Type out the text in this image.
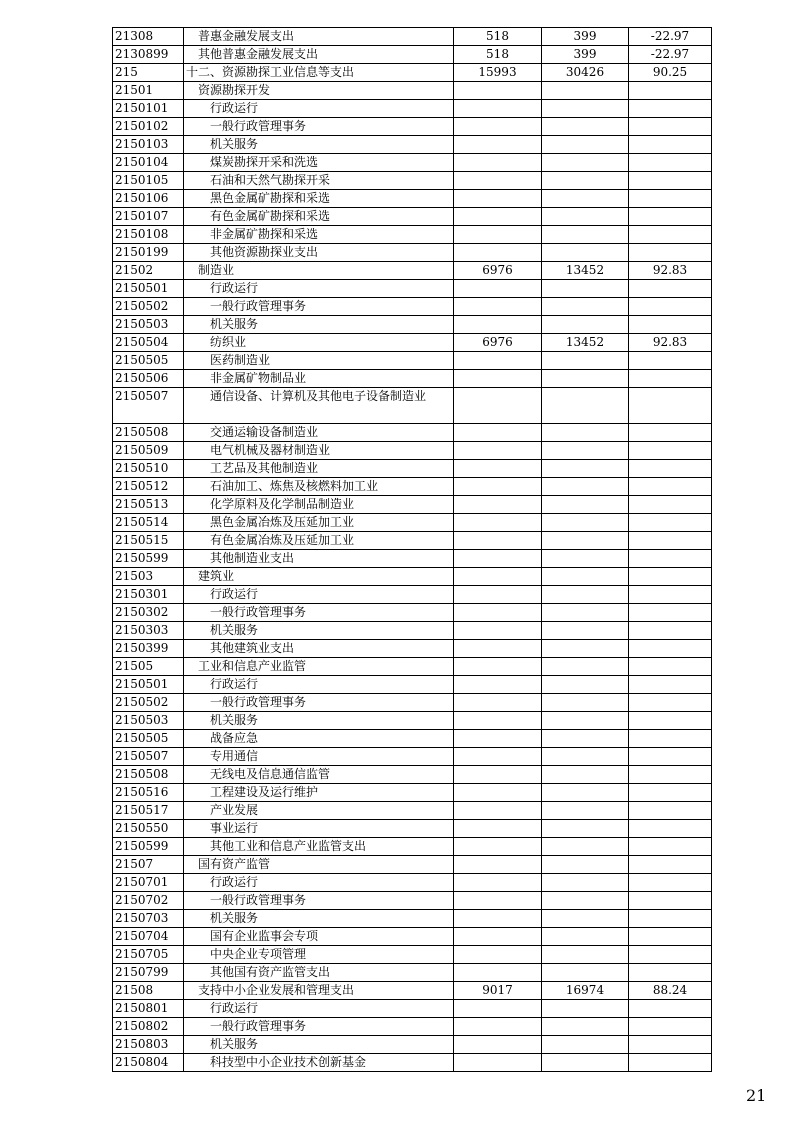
21308	普惠金融发展支出	518	399	-22.97
2130899	其他普惠金融发展支出	518	399	-22.97
215	十二、资源勘探工业信息等支出	15993	30426	90.25
21501	资源勘探开发			
2150101	行政运行			
2150102	一般行政管理事务			
2150103	机关服务			
2150104	煤炭勘探开采和洗选			
2150105	石油和天然气勘探开采			
2150106	黑色金属矿勘探和采选			
2150107	有色金属矿勘探和采选			
2150108	非金属矿勘探和采选			
2150199	其他资源勘探业支出			
21502	制造业	6976	13452	92.83
2150501	行政运行			
2150502	一般行政管理事务			
2150503	机关服务			
2150504	纺织业	6976	13452	92.83
2150505	医药制造业			
2150506	非金属矿物制品业			
2150507	通信设备、计算机及其他电子设备制造业			
2150508	交通运输设备制造业			
2150509	电气机械及器材制造业			
2150510	工艺品及其他制造业			
2150512	石油加工、炼焦及核燃料加工业			
2150513	化学原料及化学制品制造业			
2150514	黑色金属冶炼及压延加工业			
2150515	有色金属冶炼及压延加工业			
2150599	其他制造业支出			
21503	建筑业			
2150301	行政运行			
2150302	一般行政管理事务			
2150303	机关服务			
2150399	其他建筑业支出			
21505	工业和信息产业监管			
2150501	行政运行			
2150502	一般行政管理事务			
2150503	机关服务			
2150505	战备应急			
2150507	专用通信			
2150508	无线电及信息通信监管			
2150516	工程建设及运行维护			
2150517	产业发展			
2150550	事业运行			
2150599	其他工业和信息产业监管支出			
21507	国有资产监管			
2150701	行政运行			
2150702	一般行政管理事务			
2150703	机关服务			
2150704	国有企业监事会专项			
2150705	中央企业专项管理			
2150799	其他国有资产监管支出			
21508	支持中小企业发展和管理支出	9017	16974	88.24
2150801	行政运行			
2150802	一般行政管理事务			
2150803	机关服务			
2150804	科技型中小企业技术创新基金			
21
